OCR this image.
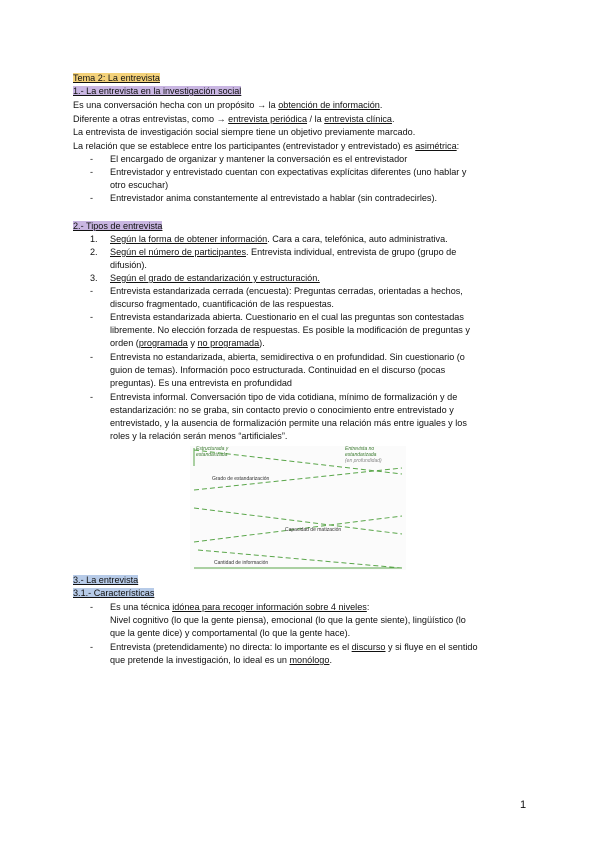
Tema 2: La entrevista
1.- La entrevista en la investigación social
Es una conversación hecha con un propósito → la obtención de información.
Diferente a otras entrevistas, como → entrevista periódica / la entrevista clínica.
La entrevista de investigación social siempre tiene un objetivo previamente marcado.
La relación que se establece entre los participantes (entrevistador y entrevistado) es asimétrica:
- El encargado de organizar y mantener la conversación es el entrevistador
- Entrevistador y entrevistado cuentan con expectativas explícitas diferentes (uno hablar y
otro escuchar)
- Entrevistador anima constantemente al entrevistado a hablar (sin contradecirles).
2.- Tipos de entrevista
1. Según la forma de obtener información. Cara a cara, telefónica, auto administrativa.
2. Según el número de participantes. Entrevista individual, entrevista de grupo (grupo de
difusión).
3. Según el grado de estandarización y estructuración.
- Entrevista estandarizada cerrada (encuesta): Preguntas cerradas, orientadas a hechos,
discurso fragmentado, cuantificación de las respuestas.
- Entrevista estandarizada abierta. Cuestionario en el cual las preguntas son contestadas
libremente. No elección forzada de respuestas. Es posible la modificación de preguntas y
orden (programada y no programada).
- Entrevista no estandarizada, abierta, semidirectiva o en profundidad. Sin cuestionario (o
guion de temas). Información poco estructurada. Continuidad en el discurso (pocas
preguntas). Es una entrevista en profundidad
- Entrevista informal. Conversación tipo de vida cotidiana, mínimo de formalización y de
estandarización: no se graba, sin contacto previo o conocimiento entre entrevistado y
entrevistado, y la ausencia de formalización permite una relación más entre iguales y los
roles y la relación serán menos “artificiales”.
Estructurada y
estandarizada
Entrevista no
estandarizada
(en profundidad)
Grado de estandarización
Capacidad de matización
Cantidad de información
3.- La entrevista
3.1.- Características
- Es una técnica idónea para recoger información sobre 4 niveles:
Nivel cognitivo (lo que la gente piensa), emocional (lo que la gente siente), lingüístico (lo
que la gente dice) y comportamental (lo que la gente hace).
- Entrevista (pretendidamente) no directa: lo importante es el discurso y si fluye en el sentido
que pretende la investigación, lo ideal es un monólogo.
1
